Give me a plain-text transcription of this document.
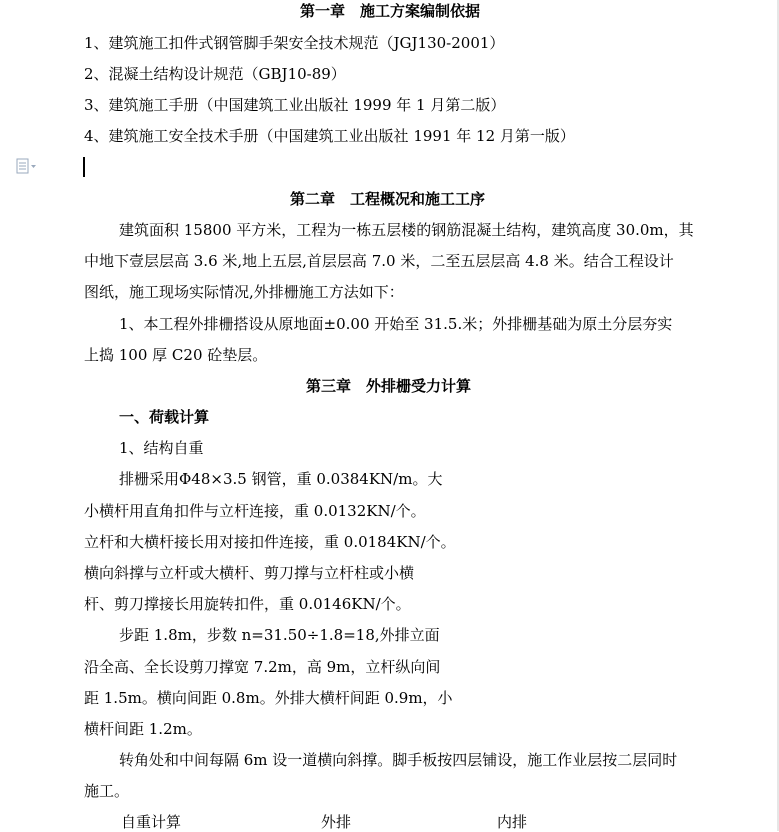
第一章　施工方案编制依据
1、建筑施工扣件式钢管脚手架安全技术规范（JGJ130-2001）
2、混凝土结构设计规范（GBJ10-89）
3、建筑施工手册（中国建筑工业出版社 1999 年 1 月第二版）
4、建筑施工安全技术手册（中国建筑工业出版社 1991 年 12 月第一版）
第二章　工程概况和施工工序
建筑面积 15800 平方米，工程为一栋五层楼的钢筋混凝土结构，建筑高度 30.0m，其
中地下壹层层高 3.6 米,地上五层,首层层高 7.0 米，二至五层层高 4.8 米。结合工程设计
图纸，施工现场实际情况,外排栅施工方法如下：
1、本工程外排栅搭设从原地面±0.00 开始至 31.5.米；外排栅基础为原土分层夯实
上捣 100 厚 C20 砼垫层。
第三章　外排栅受力计算
一、荷载计算
1、结构自重
排栅采用Φ48×3.5 钢管，重 0.0384KN/m。大
小横杆用直角扣件与立杆连接，重 0.0132KN/个。
立杆和大横杆接长用对接扣件连接，重 0.0184KN/个。
横向斜撑与立杆或大横杆、剪刀撑与立杆柱或小横
杆、剪刀撑接长用旋转扣件，重 0.0146KN/个。
步距 1.8m，步数 n=31.50÷1.8=18,外排立面
沿全高、全长设剪刀撑宽 7.2m，高 9m，立杆纵向间
距 1.5m。横向间距 0.8m。外排大横杆间距 0.9m，小
横杆间距 1.2m。
转角处和中间每隔 6m 设一道横向斜撑。脚手板按四层铺设，施工作业层按二层同时
施工。
自重计算	外排	内排
